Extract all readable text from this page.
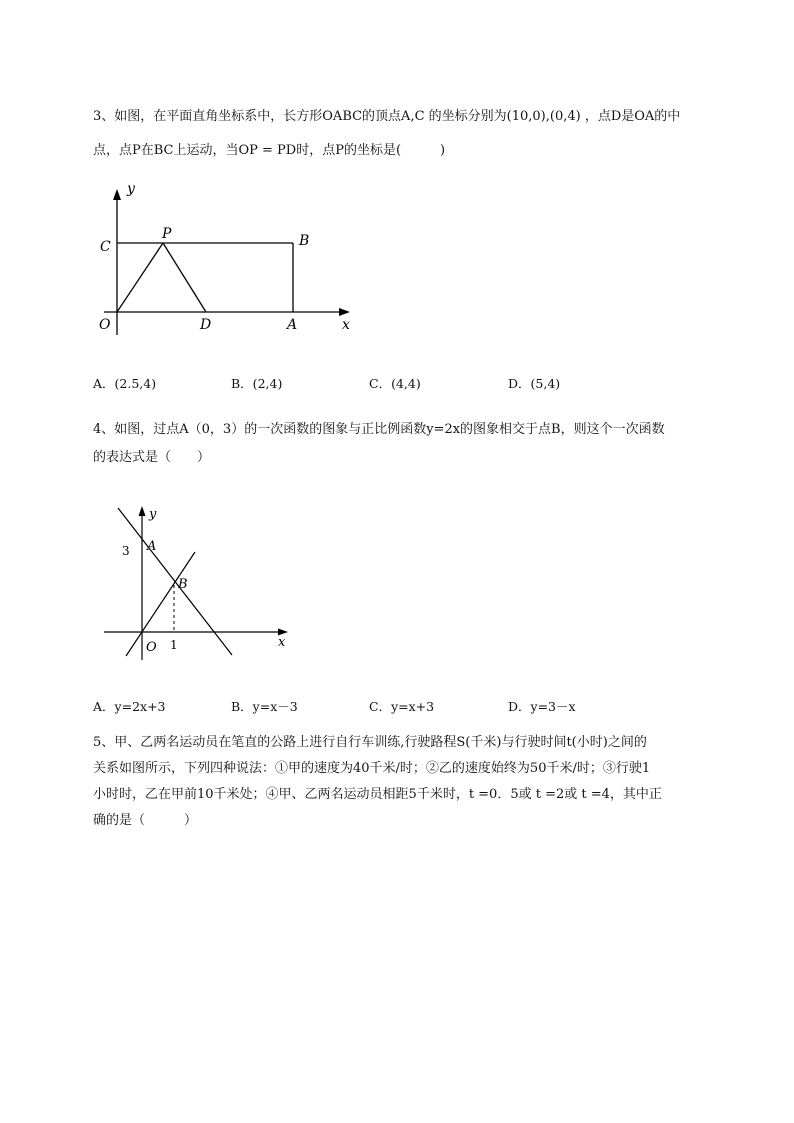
3、如图，在平面直角坐标系中，长方形OABC的顶点A,C 的坐标分别为(10,0),(0,4) ，点D是OA的中
点，点P在BC上运动，当OP = PD时，点P的坐标是(　　　)
y
C
P	B
O	D	A	x
A．(2.5,4)	B．(2,4)	C．(4,4)	D．(5,4)
4、如图，过点A（0，3）的一次函数的图象与正比例函数y=2x的图象相交于点B，则这个一次函数
的表达式是（　　）
y
3 A
B
O 1	x
A．y=2x+3	B．y=x－3	C．y=x+3	D．y=3－x
5、甲、乙两名运动员在笔直的公路上进行自行车训练,行驶路程S(千米)与行驶时间t(小时)之间的
关系如图所示，下列四种说法：①甲的速度为40千米/时；②乙的速度始终为50千米/时；③行驶1
小时时，乙在甲前10千米处；④甲、乙两名运动员相距5千米时，t =0．5或 t =2或 t =4，其中正
确的是（　　　）
